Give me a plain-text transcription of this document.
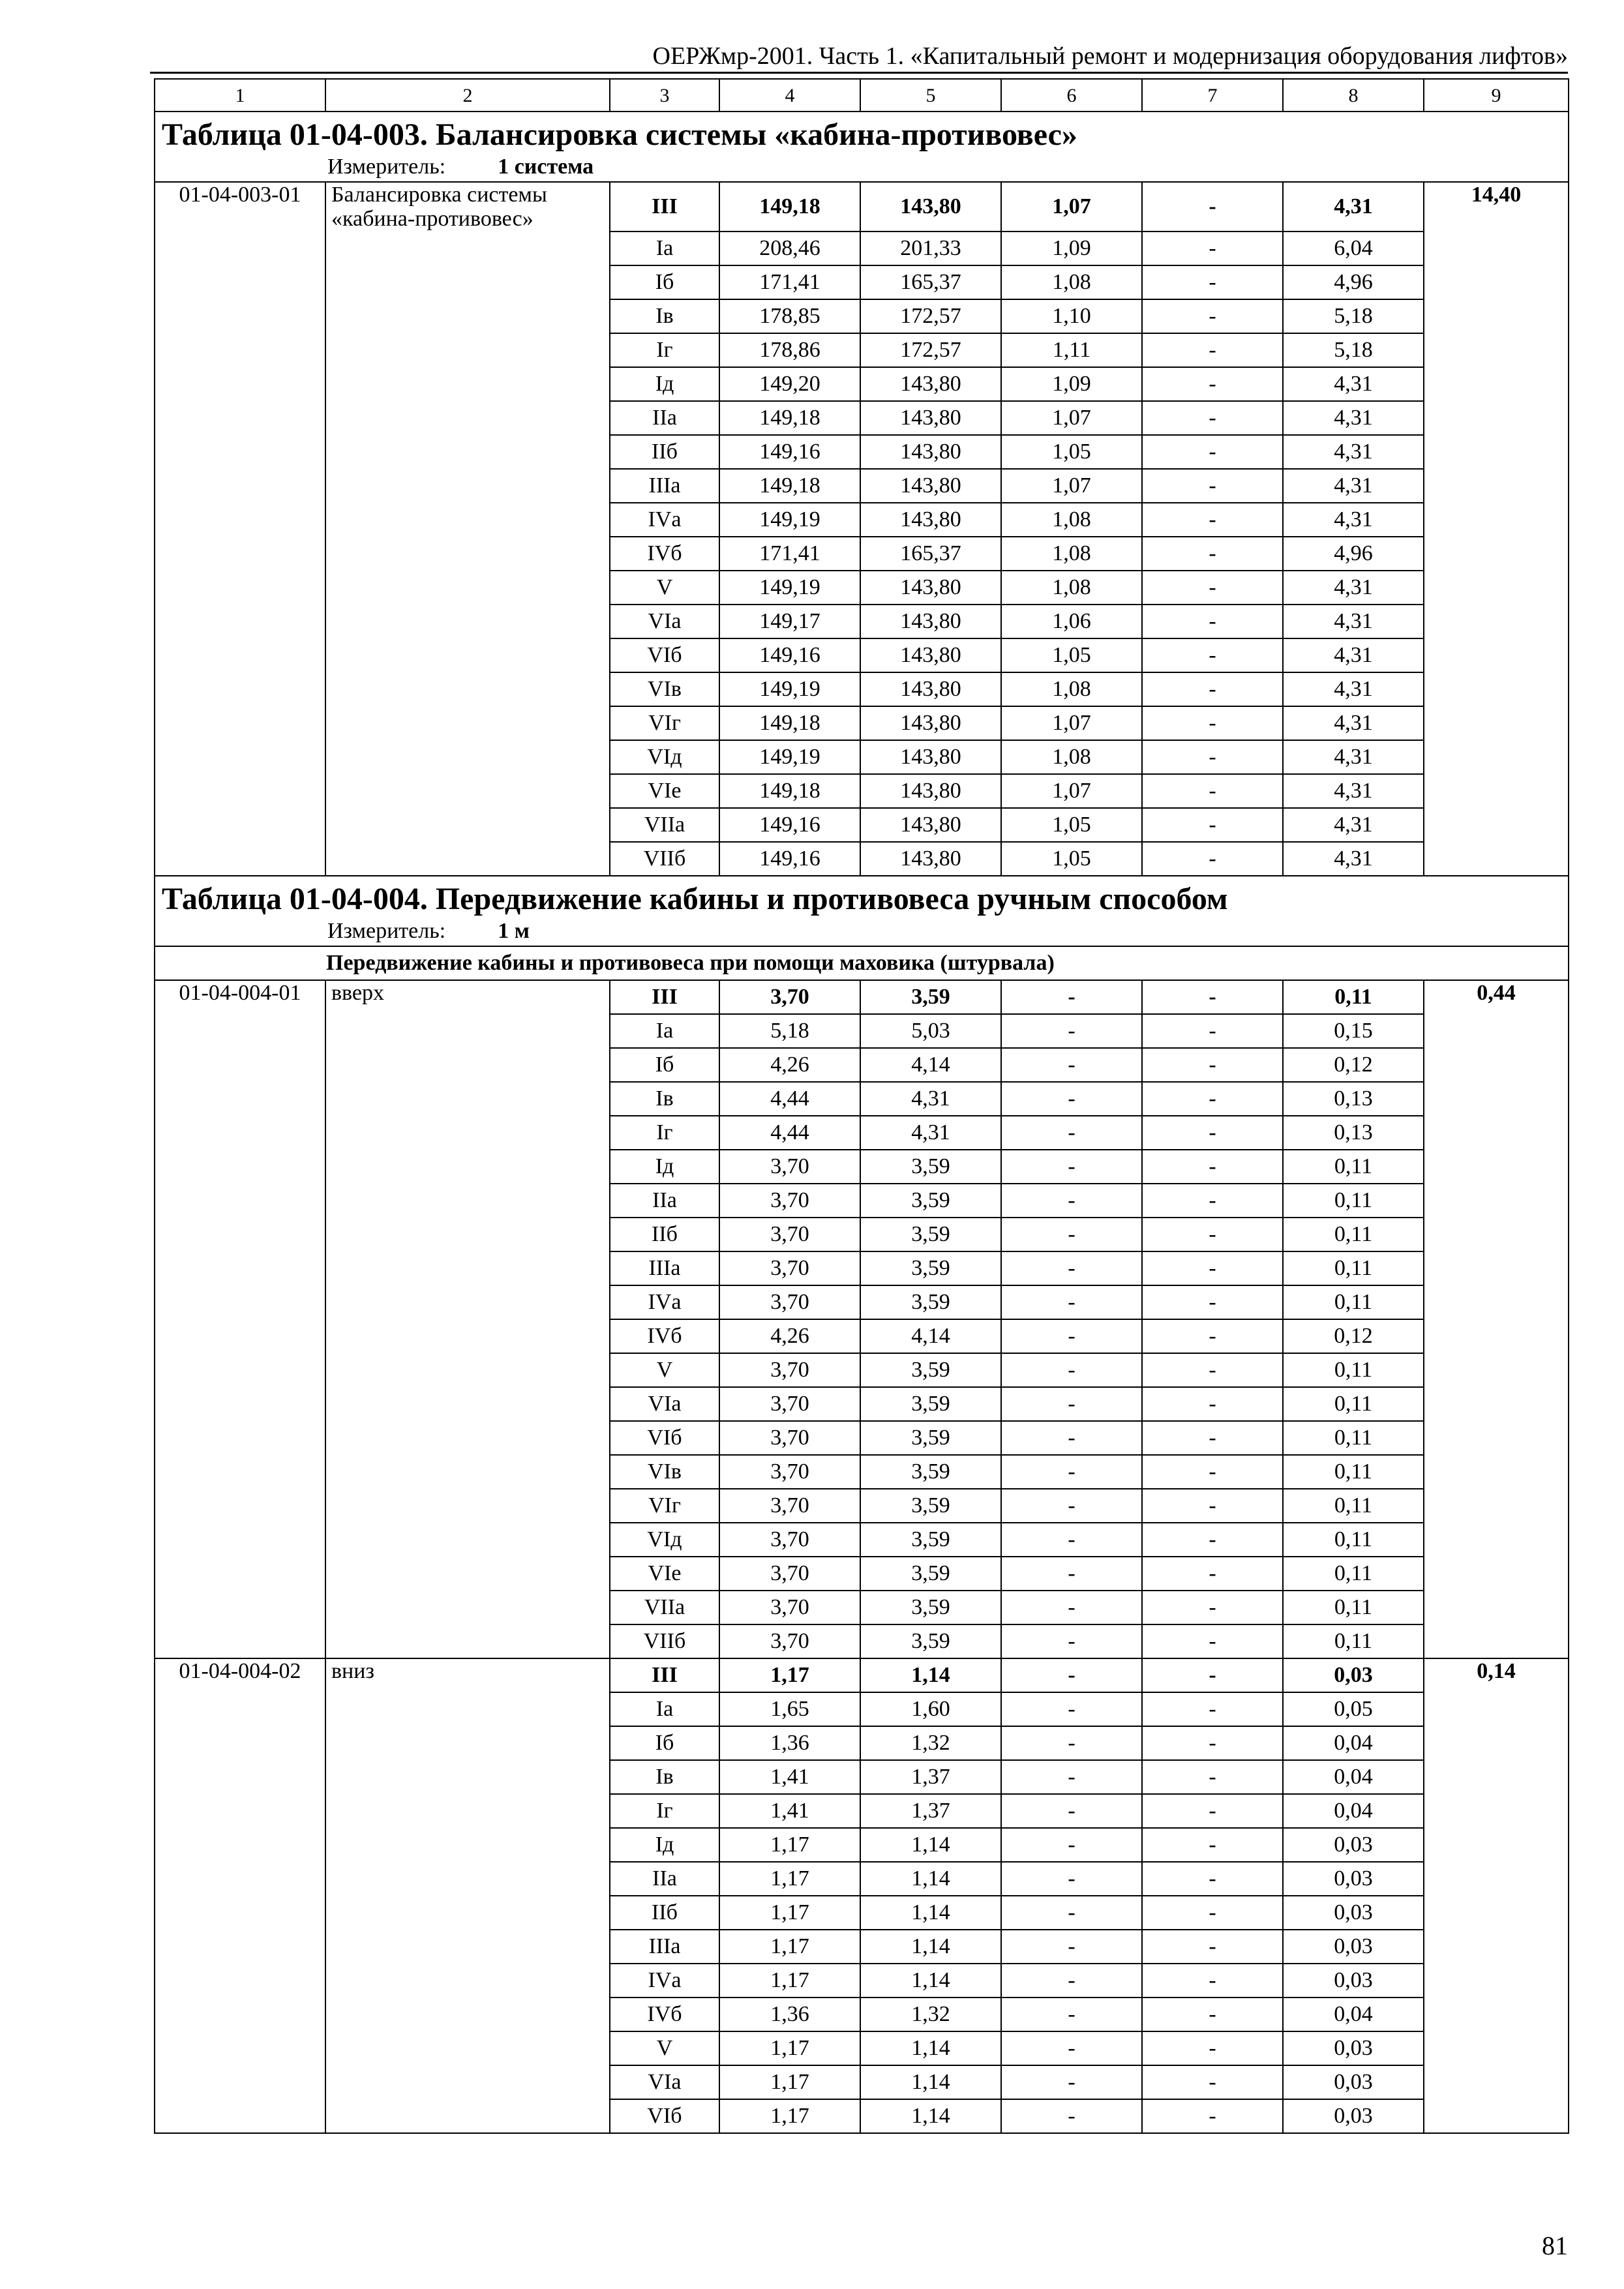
ОЕРЖмр-2001. Часть 1. «Капитальный ремонт и модернизация оборудования лифтов»
1	2	3	4	5	6	7	8	9

Таблица 01-04-003. Балансировка системы «кабина-противовес»
Измеритель: 1 система								

01-04-003-01	Балансировка системы «кабина-противовес»	III	149,18	143,80	1,07	-	4,31	14,40
		Iа	208,46	201,33	1,09	-	6,04	
		Iб	171,41	165,37	1,08	-	4,96	
		Iв	178,85	172,57	1,10	-	5,18	
		Iг	178,86	172,57	1,11	-	5,18	
		Iд	149,20	143,80	1,09	-	4,31	
		IIа	149,18	143,80	1,07	-	4,31	
		IIб	149,16	143,80	1,05	-	4,31	
		IIIа	149,18	143,80	1,07	-	4,31	
		IVа	149,19	143,80	1,08	-	4,31	
		IVб	171,41	165,37	1,08	-	4,96	
		V	149,19	143,80	1,08	-	4,31	
		VIа	149,17	143,80	1,06	-	4,31	
		VIб	149,16	143,80	1,05	-	4,31	
		VIв	149,19	143,80	1,08	-	4,31	
		VIг	149,18	143,80	1,07	-	4,31	
		VIд	149,19	143,80	1,08	-	4,31	
		VIе	149,18	143,80	1,07	-	4,31	
		VIIа	149,16	143,80	1,05	-	4,31	
		VIIб	149,16	143,80	1,05	-	4,31	

Таблица 01-04-004. Передвижение кабины и противовеса ручным способом
Измеритель: 1 м								

Передвижение кабины и противовеса при помощи маховика (штурвала)								
01-04-004-01	вверх	III	3,70	3,59	-	-	0,11	0,44
		Iа	5,18	5,03	-	-	0,15	
		Iб	4,26	4,14	-	-	0,12	
		Iв	4,44	4,31	-	-	0,13	
		Iг	4,44	4,31	-	-	0,13	
		Iд	3,70	3,59	-	-	0,11	
		IIа	3,70	3,59	-	-	0,11	
		IIб	3,70	3,59	-	-	0,11	
		IIIа	3,70	3,59	-	-	0,11	
		IVа	3,70	3,59	-	-	0,11	
		IVб	4,26	4,14	-	-	0,12	
		V	3,70	3,59	-	-	0,11	
		VIа	3,70	3,59	-	-	0,11	
		VIб	3,70	3,59	-	-	0,11	
		VIв	3,70	3,59	-	-	0,11	
		VIг	3,70	3,59	-	-	0,11	
		VIд	3,70	3,59	-	-	0,11	
		VIе	3,70	3,59	-	-	0,11	
		VIIа	3,70	3,59	-	-	0,11	
		VIIб	3,70	3,59	-	-	0,11	
01-04-004-02	вниз	III	1,17	1,14	-	-	0,03	0,14
		Iа	1,65	1,60	-	-	0,05	
		Iб	1,36	1,32	-	-	0,04	
		Iв	1,41	1,37	-	-	0,04	
		Iг	1,41	1,37	-	-	0,04	
		Iд	1,17	1,14	-	-	0,03	
		IIа	1,17	1,14	-	-	0,03	
		IIб	1,17	1,14	-	-	0,03	
		IIIа	1,17	1,14	-	-	0,03	
		IVа	1,17	1,14	-	-	0,03	
		IVб	1,36	1,32	-	-	0,04	
		V	1,17	1,14	-	-	0,03	
		VIа	1,17	1,14	-	-	0,03	
		VIб	1,17	1,14	-	-	0,03	
81
